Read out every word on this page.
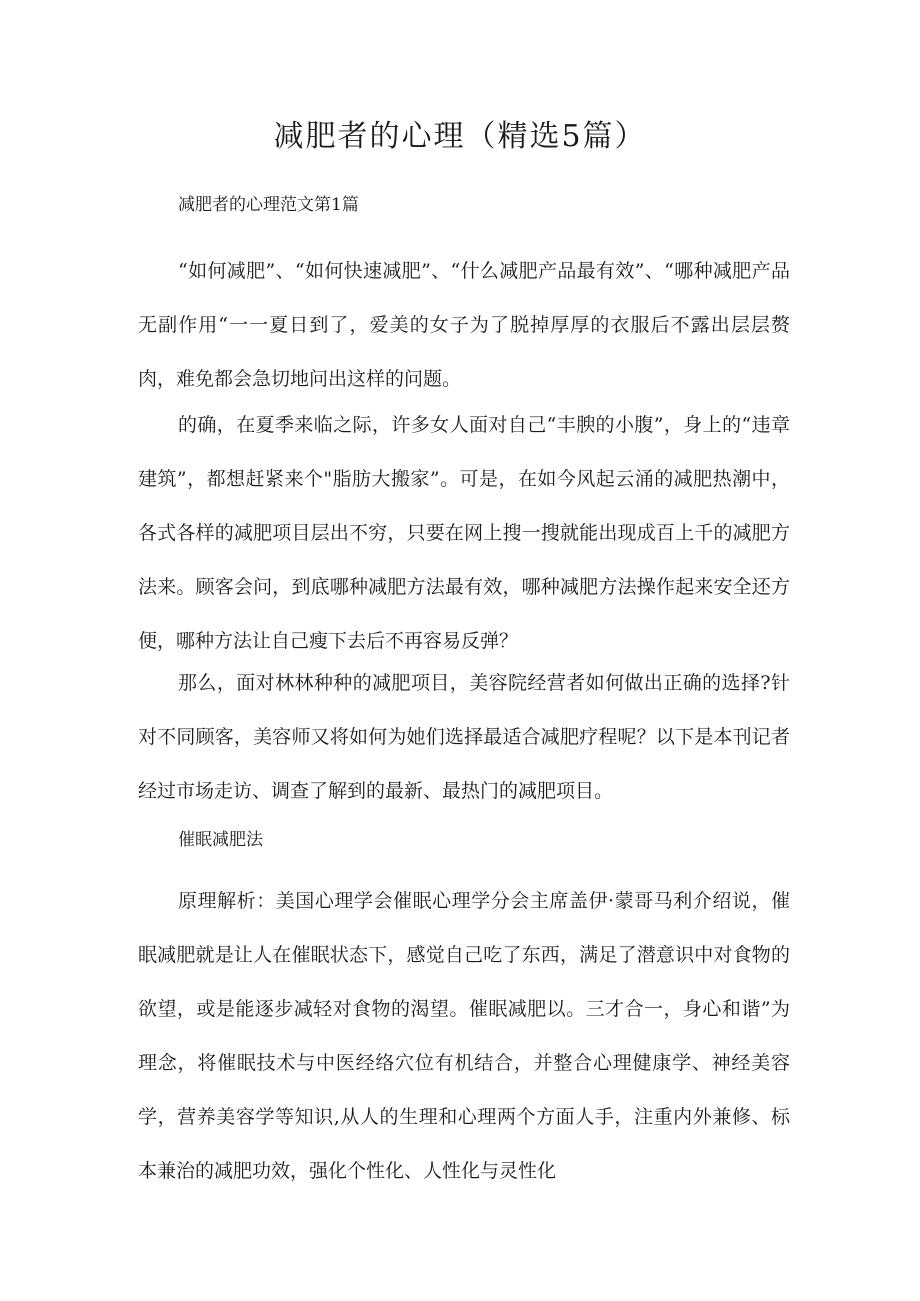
减肥者的心理（精选5篇）
减肥者的心理范文第1篇

“如何减肥”、“如何快速减肥”、“什么减肥产品最有效”、“哪种减肥产品无副作用“一一夏日到了，爱美的女子为了脱掉厚厚的衣服后不露出层层赘肉，难免都会急切地问出这样的问题。

的确，在夏季来临之际，许多女人面对自己“丰腴的小腹”，身上的“违章建筑”，都想赶紧来个"脂肪大搬家”。可是，在如今风起云涌的减肥热潮中，各式各样的减肥项目层出不穷，只要在网上搜一搜就能出现成百上千的减肥方法来。顾客会问，到底哪种减肥方法最有效，哪种减肥方法操作起来安全还方便，哪种方法让自己瘦下去后不再容易反弹？

那么，面对林林种种的减肥项目，美容院经营者如何做出正确的选择?针对不同顾客，美容师又将如何为她们选择最适合减肥疗程呢？以下是本刊记者经过市场走访、调查了解到的最新、最热门的减肥项目。

催眠减肥法

原理解析：美国心理学会催眠心理学分会主席盖伊·蒙哥马利介绍说，催眠减肥就是让人在催眠状态下，感觉自己吃了东西，满足了潜意识中对食物的欲望，或是能逐步减轻对食物的渴望。催眠减肥以。三才合一，身心和谐”为理念，将催眠技术与中医经络穴位有机结合，并整合心理健康学、神经美容学，营养美容学等知识,从人的生理和心理两个方面人手，注重内外兼修、标本兼治的减肥功效，强化个性化、人性化与灵性化
